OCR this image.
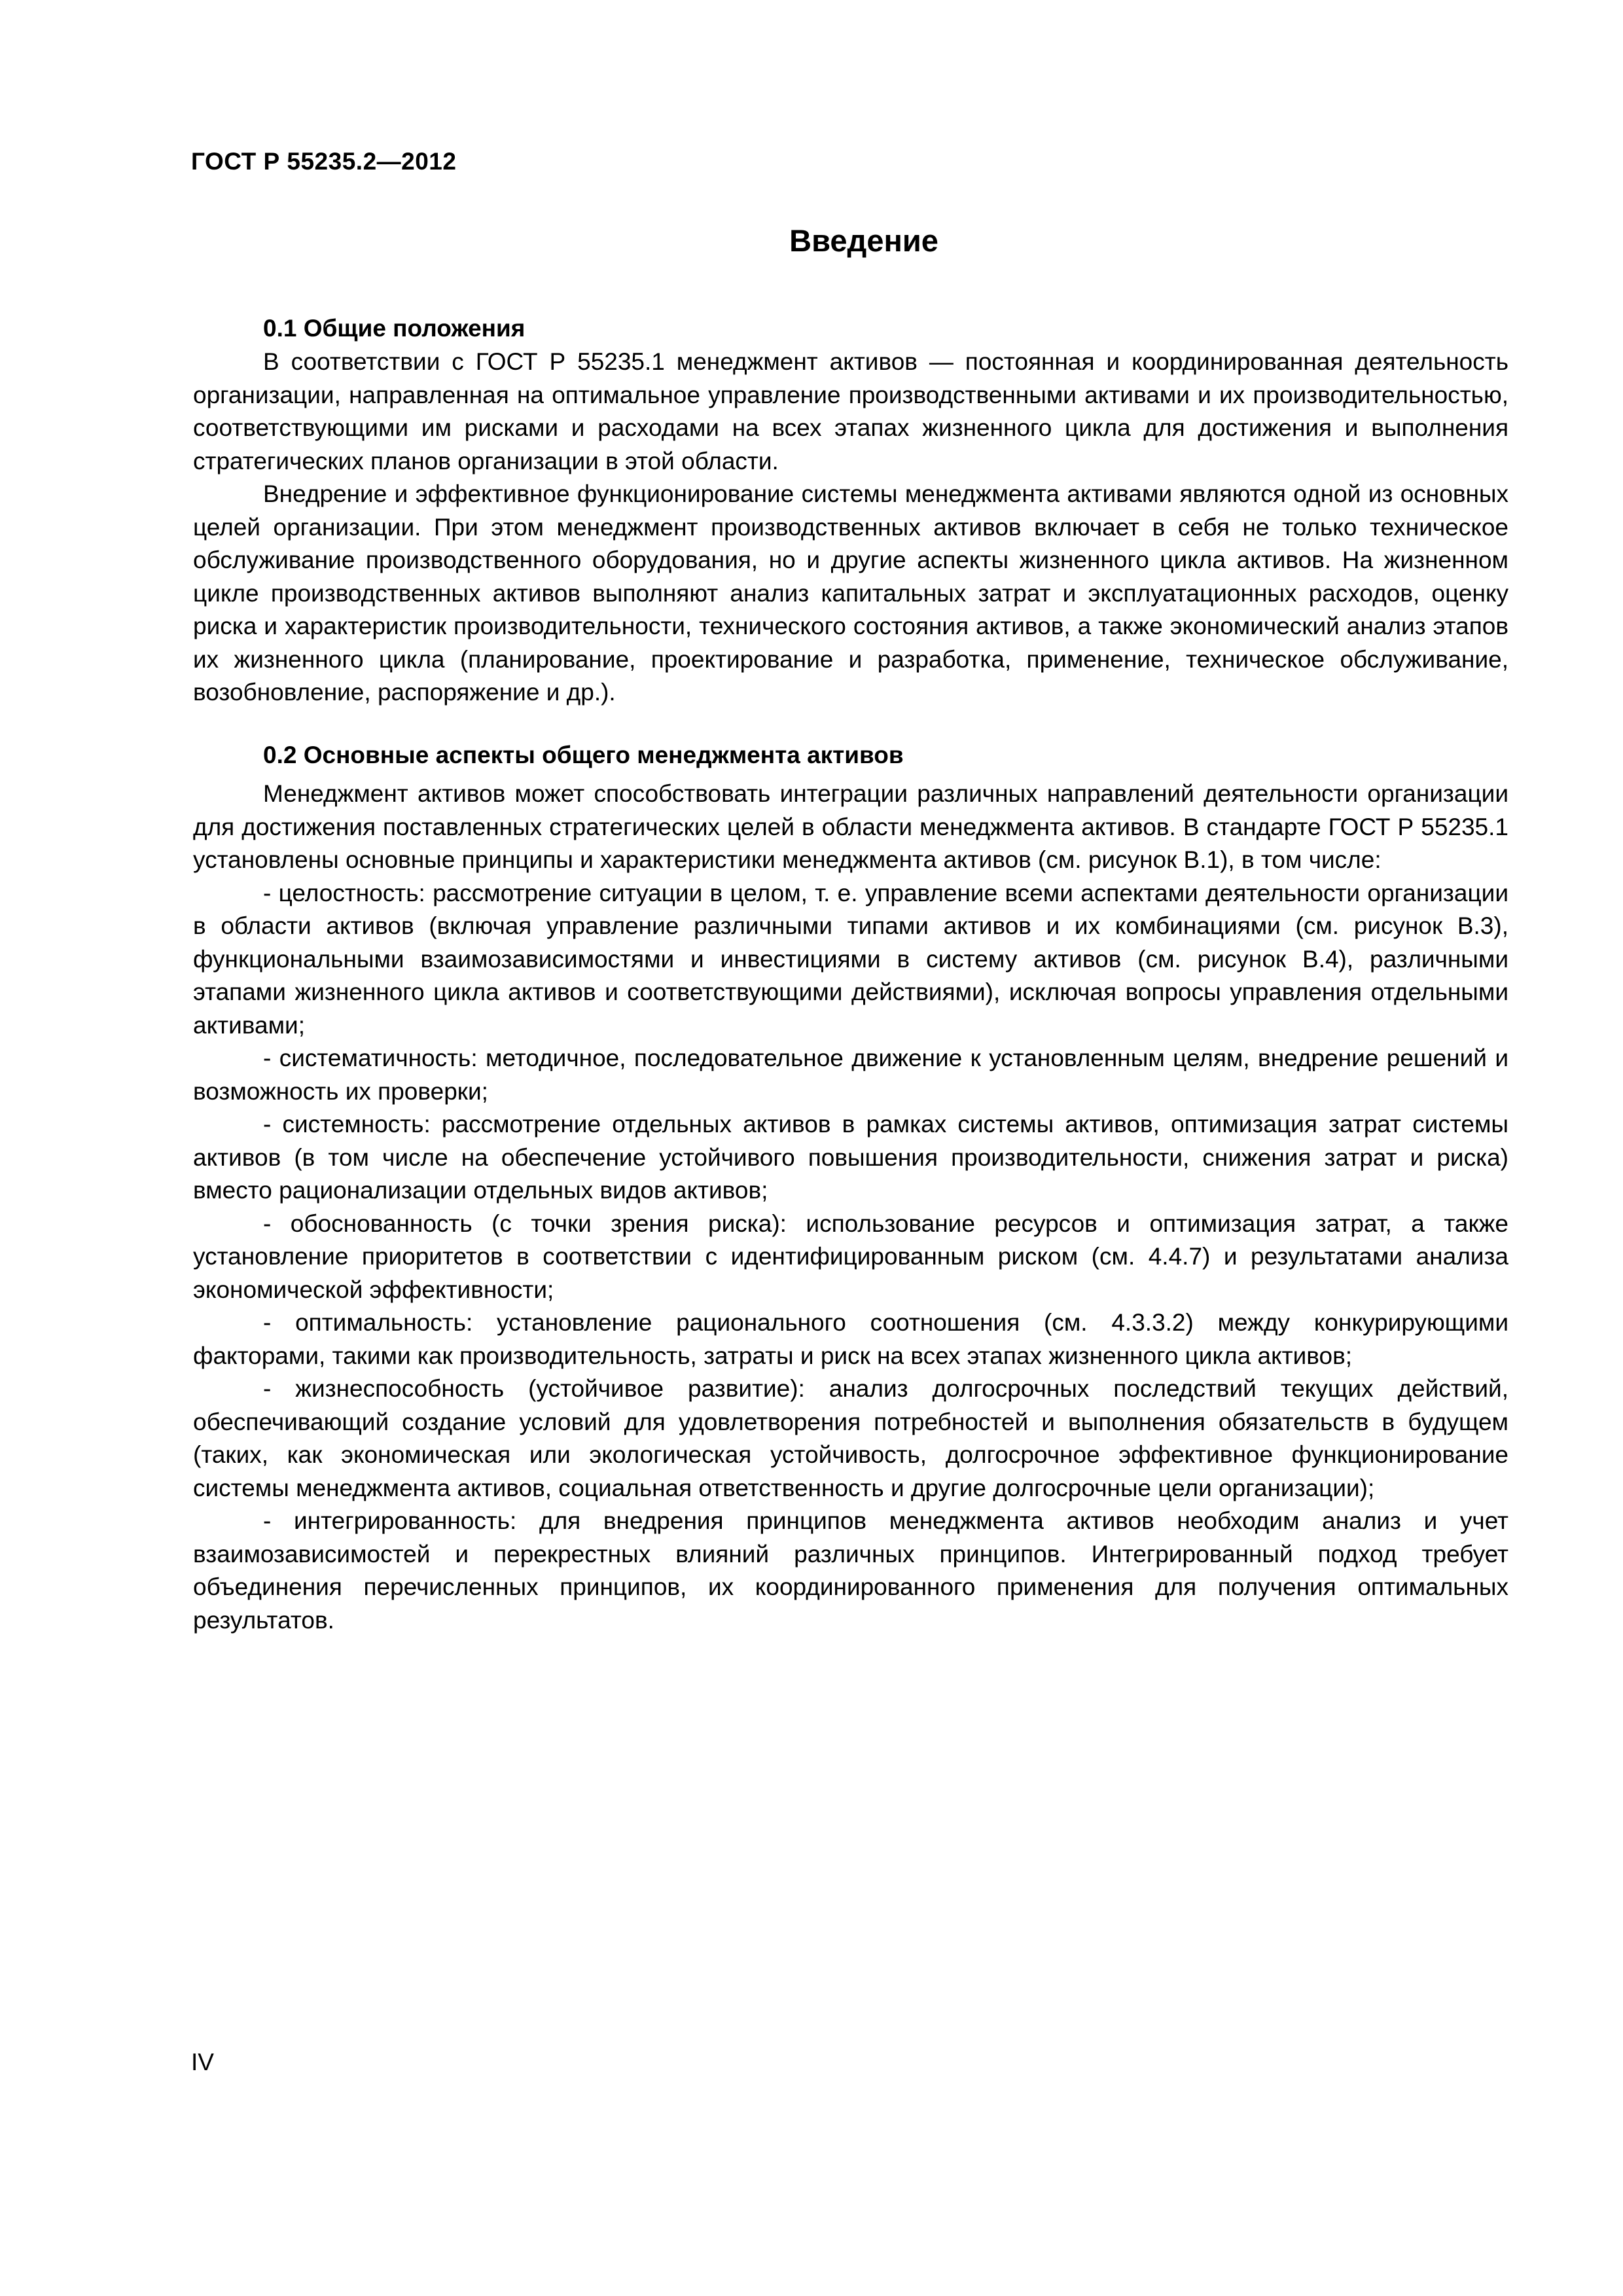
ГОСТ Р 55235.2—2012
Введение
0.1 Общие положения

В соответствии с ГОСТ Р 55235.1 менеджмент активов — постоянная и координированная деятельность организации, направленная на оптимальное управление производственными активами и их производительностью, соответствующими им рисками и расходами на всех этапах жизненного цикла для достижения и выполнения стратегических планов организации в этой области.

Внедрение и эффективное функционирование системы менеджмента активами являются одной из основных целей организации. При этом менеджмент производственных активов включает в себя не только техническое обслуживание производственного оборудования, но и другие аспекты жизненного цикла активов. На жизненном цикле производственных активов выполняют анализ капитальных затрат и эксплуатационных расходов, оценку риска и характеристик производительности, технического состояния активов, а также экономический анализ этапов их жизненного цикла (планирование, проектирование и разработка, применение, техническое обслуживание, возобновление, распоряжение и др.).

0.2 Основные аспекты общего менеджмента активов

Менеджмент активов может способствовать интеграции различных направлений деятельности организации для достижения поставленных стратегических целей в области менеджмента активов. В стандарте ГОСТ Р 55235.1 установлены основные принципы и характеристики менеджмента активов (см. рисунок В.1), в том числе:

- целостность: рассмотрение ситуации в целом, т. е. управление всеми аспектами деятельности организации в области активов (включая управление различными типами активов и их комбинациями (см. рисунок В.3), функциональными взаимозависимостями и инвестициями в систему активов (см. рисунок В.4), различными этапами жизненного цикла активов и соответствующими действиями), исключая вопросы управления отдельными активами;

- систематичность: методичное, последовательное движение к установленным целям, внедрение решений и возможность их проверки;

- системность: рассмотрение отдельных активов в рамках системы активов, оптимизация затрат системы активов (в том числе на обеспечение устойчивого повышения производительности, снижения затрат и риска) вместо рационализации отдельных видов активов;

- обоснованность (с точки зрения риска): использование ресурсов и оптимизация затрат, а также установление приоритетов в соответствии с идентифицированным риском (см. 4.4.7) и результатами анализа экономической эффективности;

- оптимальность: установление рационального соотношения (см. 4.3.3.2) между конкурирующими факторами, такими как производительность, затраты и риск на всех этапах жизненного цикла активов;

- жизнеспособность (устойчивое развитие): анализ долгосрочных последствий текущих действий, обеспечивающий создание условий для удовлетворения потребностей и выполнения обязательств в будущем (таких, как экономическая или экологическая устойчивость, долгосрочное эффективное функционирование системы менеджмента активов, социальная ответственность и другие долгосрочные цели организации);

- интегрированность: для внедрения принципов менеджмента активов необходим анализ и учет взаимозависимостей и перекрестных влияний различных принципов. Интегрированный подход требует объединения перечисленных принципов, их координированного применения для получения оптимальных результатов.

IV
